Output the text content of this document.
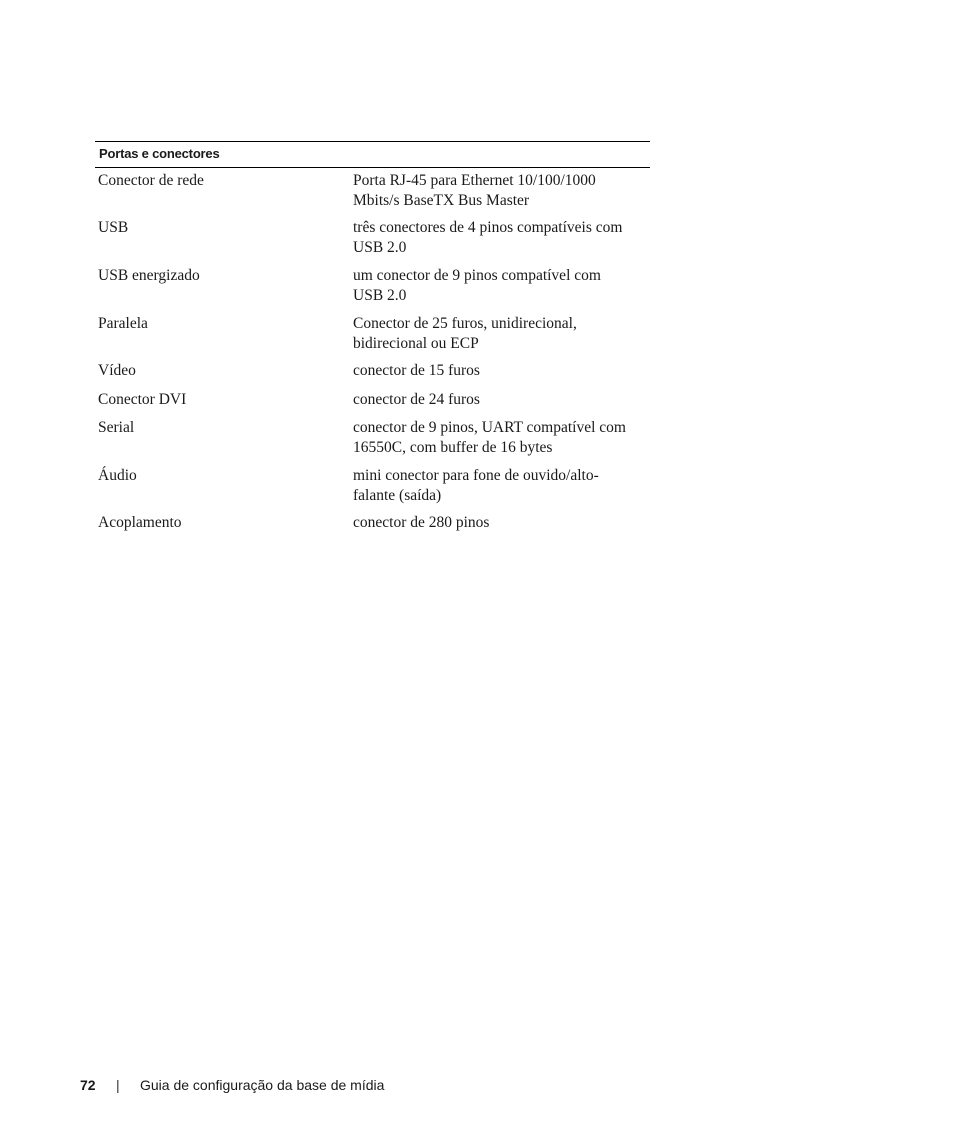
Portas e conectores
Conector de rede	Porta RJ-45 para Ethernet 10/100/1000
Mbits/s BaseTX Bus Master
USB	três conectores de 4 pinos compatíveis com
USB 2.0
USB energizado	um conector de 9 pinos compatível com
USB 2.0
Paralela	Conector de 25 furos, unidirecional,
bidirecional ou ECP
Vídeo	conector de 15 furos
Conector DVI	conector de 24 furos
Serial	conector de 9 pinos, UART compatível com
16550C, com buffer de 16 bytes
Áudio	mini conector para fone de ouvido/alto-
falante (saída)
Acoplamento	conector de 280 pinos
72 | Guia de configuração da base de mídia
